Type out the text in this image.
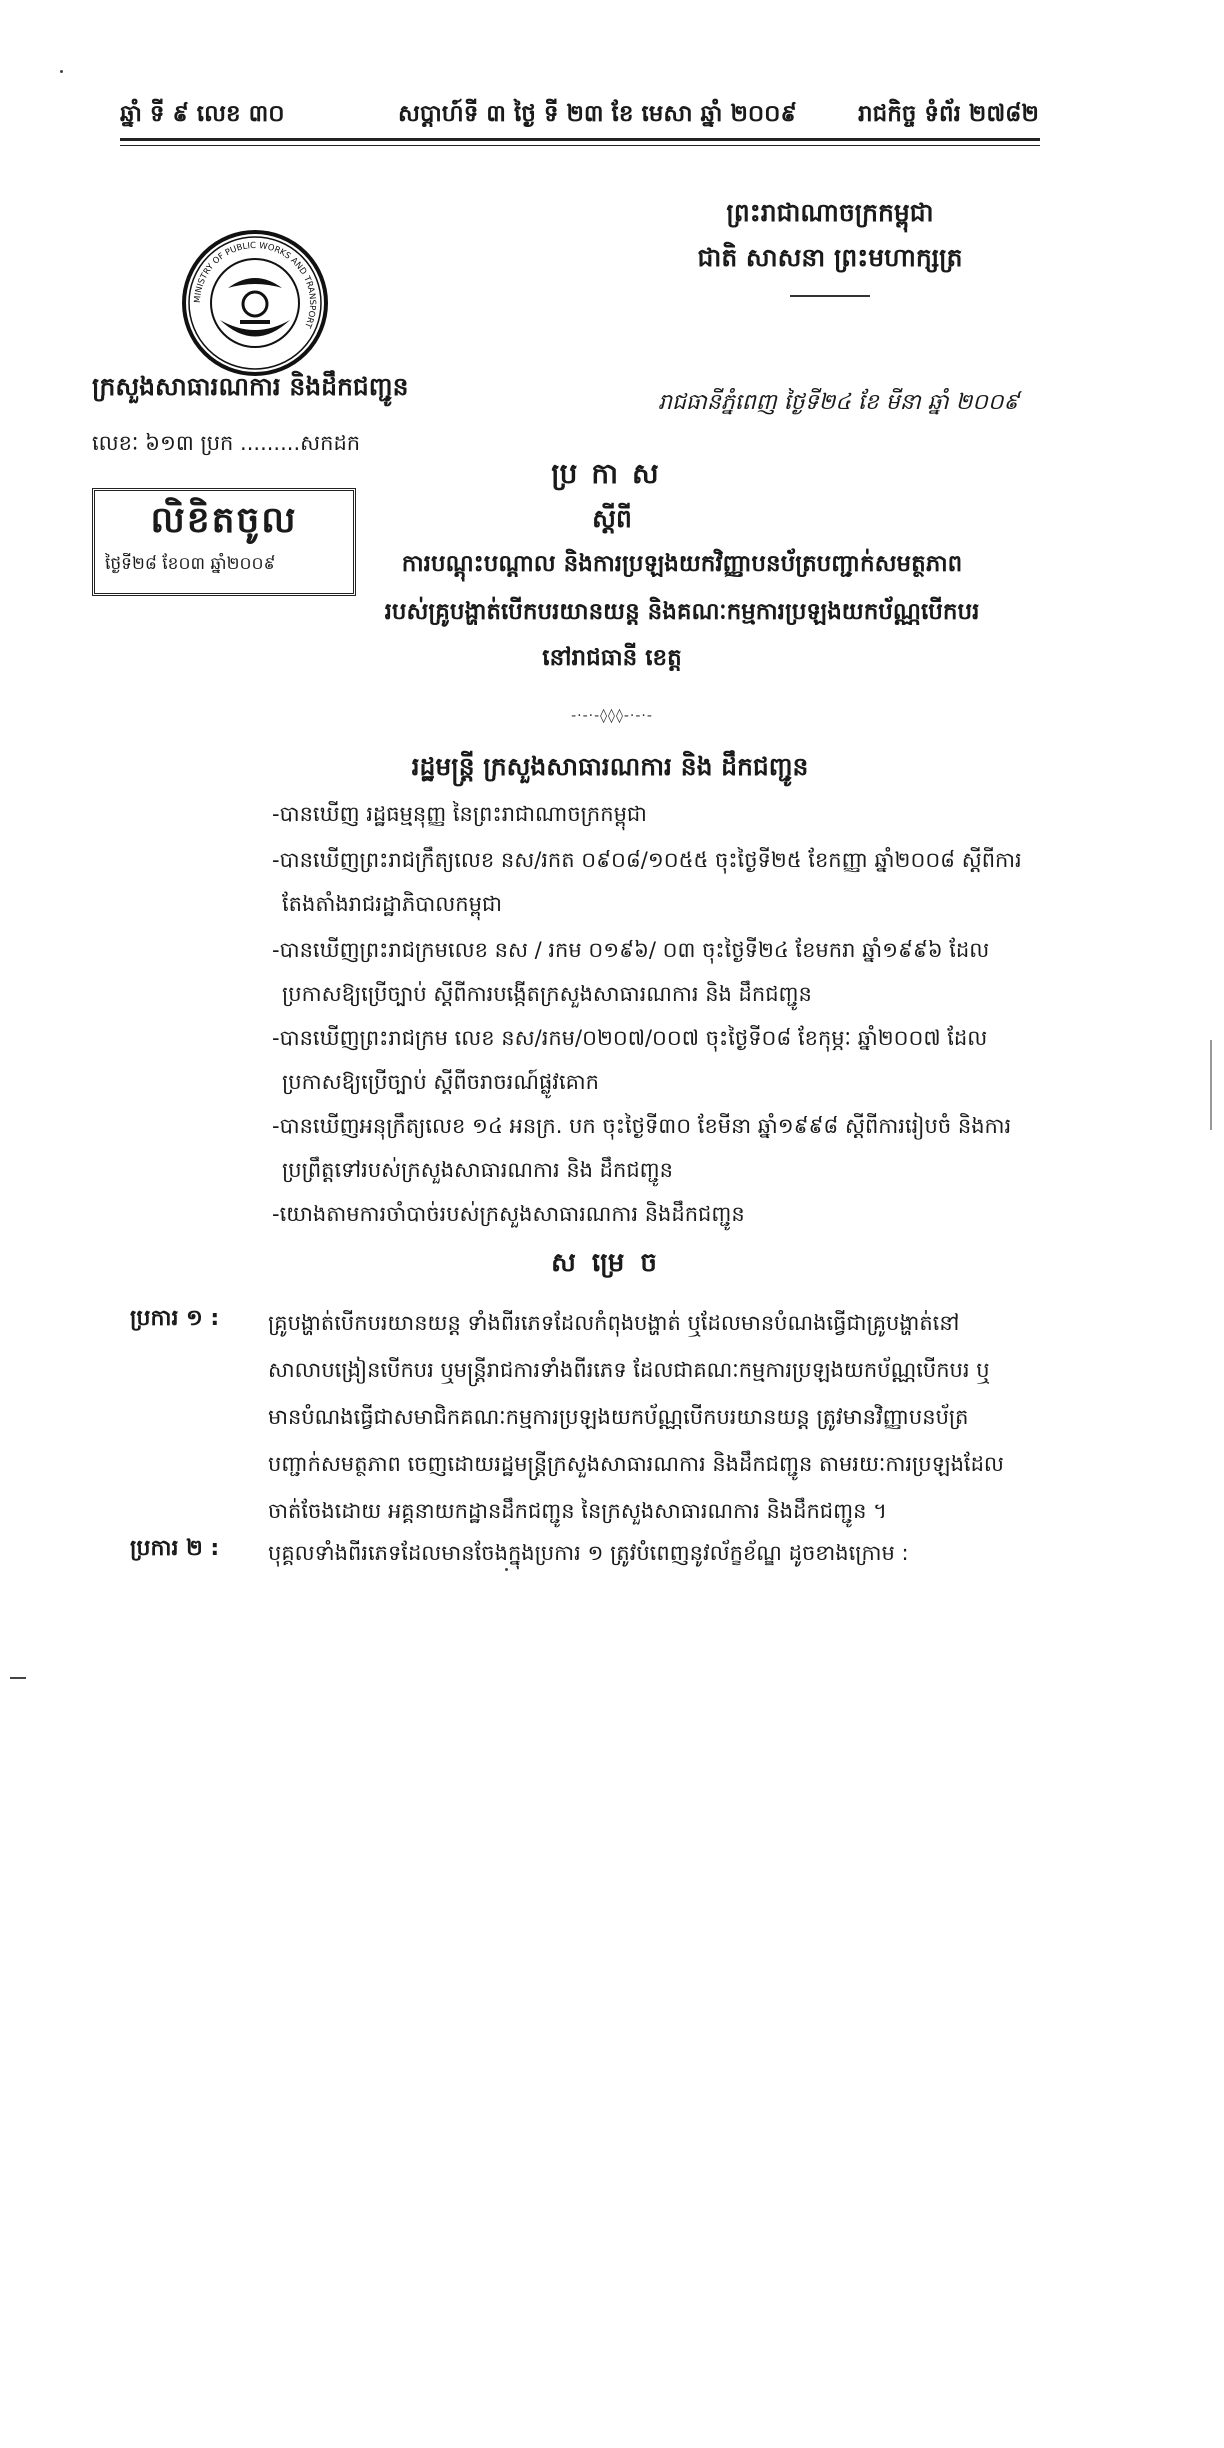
ឆ្នាំ ទី ៩ លេខ ៣០	សប្តាហ៍ទី ៣ ថ្ងៃ ទី ២៣ ខែ មេសា ឆ្នាំ ២០០៩	រាជកិច្ច ទំព័រ ២៧៨២
ព្រះរាជាណាចក្រកម្ពុជា
ជាតិ សាសនា ព្រះមហាក្សត្រ
MINISTRY OF PUBLIC WORKS AND TRANSPORT
ក្រសួងសាធារណការ និងដឹកជញ្ជូន
លេខៈ ៦១៣ ប្រក .........សកដក
លិខិតចូល
ថ្ងៃទី២៨ ខែ០៣ ឆ្នាំ២០០៩
រាជធានីភ្នំពេញ ថ្ងៃទី២៤ ខែ មីនា ឆ្នាំ ២០០៩
ប្រកាស
ស្តីពី
ការបណ្តុះបណ្តាល និងការប្រឡងយកវិញ្ញាបនប័ត្របញ្ជាក់សមត្ថភាព
របស់គ្រូបង្ហាត់បើកបរយានយន្ត និងគណៈកម្មការប្រឡងយកប័ណ្ណបើកបរ
នៅរាជធានី ខេត្ត
-·-·-◊◊◊-·-·-
រដ្ឋមន្ត្រី ក្រសួងសាធារណការ និង ដឹកជញ្ជូន
-បានឃើញ រដ្ឋធម្មនុញ្ញ នៃព្រះរាជាណាចក្រកម្ពុជា
-បានឃើញព្រះរាជក្រឹត្យលេខ នស/រកត ០៩០៨/១០៥៥ ចុះថ្ងៃទី២៥ ខែកញ្ញា ឆ្នាំ២០០៨ ស្តីពីការ
តែងតាំងរាជរដ្ឋាភិបាលកម្ពុជា
-បានឃើញព្រះរាជក្រមលេខ នស / រកម ០១៩៦/ ០៣ ចុះថ្ងៃទី២៤ ខែមករា ឆ្នាំ១៩៩៦ ដែល
ប្រកាសឱ្យប្រើច្បាប់ ស្តីពីការបង្កើតក្រសួងសាធារណការ និង ដឹកជញ្ជូន
-បានឃើញព្រះរាជក្រម លេខ នស/រកម/០២០៧/០០៧ ចុះថ្ងៃទី០៨ ខែកុម្ភៈ ឆ្នាំ២០០៧ ដែល
ប្រកាសឱ្យប្រើច្បាប់ ស្តីពីចរាចរណ៍ផ្លូវគោក
-បានឃើញអនុក្រឹត្យលេខ ១៤ អនក្រ. បក ចុះថ្ងៃទី៣០ ខែមីនា ឆ្នាំ១៩៩៨ ស្តីពីការរៀបចំ និងការ
ប្រព្រឹត្តទៅរបស់ក្រសួងសាធារណការ និង ដឹកជញ្ជូន
-យោងតាមការចាំបាច់របស់ក្រសួងសាធារណការ និងដឹកជញ្ជូន
សម្រេច
ប្រការ ១ : គ្រូបង្ហាត់បើកបរយានយន្ត ទាំងពីរភេទដែលកំពុងបង្ហាត់ ឬដែលមានបំណងធ្វើជាគ្រូបង្ហាត់នៅ
សាលាបង្រៀនបើកបរ ឬមន្ត្រីរាជការទាំងពីរភេទ ដែលជាគណៈកម្មការប្រឡងយកប័ណ្ណបើកបរ ឬ
មានបំណងធ្វើជាសមាជិកគណៈកម្មការប្រឡងយកប័ណ្ណបើកបរយានយន្ត ត្រូវមានវិញ្ញាបនប័ត្រ
បញ្ជាក់សមត្ថភាព ចេញដោយរដ្ឋមន្ត្រីក្រសួងសាធារណការ និងដឹកជញ្ជូន តាមរយៈការប្រឡងដែល
ចាត់ចែងដោយ អគ្គនាយកដ្ឋានដឹកជញ្ជូន នៃក្រសួងសាធារណការ និងដឹកជញ្ជូន ។
ប្រការ ២ : បុគ្គលទាំងពីរភេទដែលមានចែងក្នុងប្រការ ១ ត្រូវបំពេញនូវល័ក្ខខ័ណ្ឌ ដូចខាងក្រោម :
